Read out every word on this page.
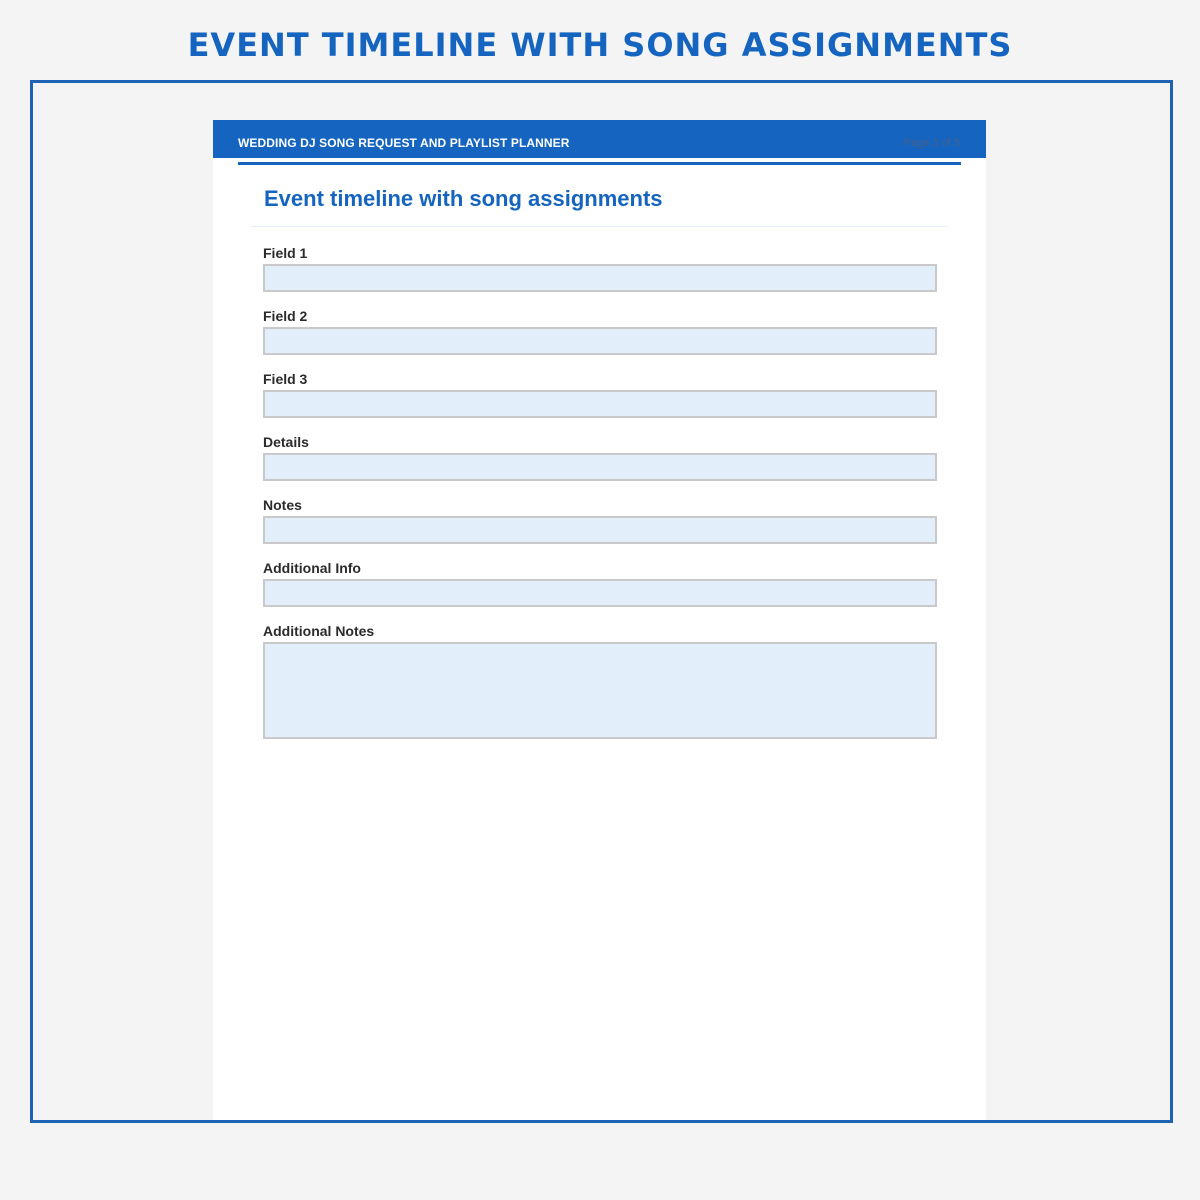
EVENT TIMELINE WITH SONG ASSIGNMENTS
WEDDING DJ SONG REQUEST AND PLAYLIST PLANNER	Page 3 of 5
Event timeline with song assignments
Field 1
Field 2
Field 3
Details
Notes
Additional Info
Additional Notes
